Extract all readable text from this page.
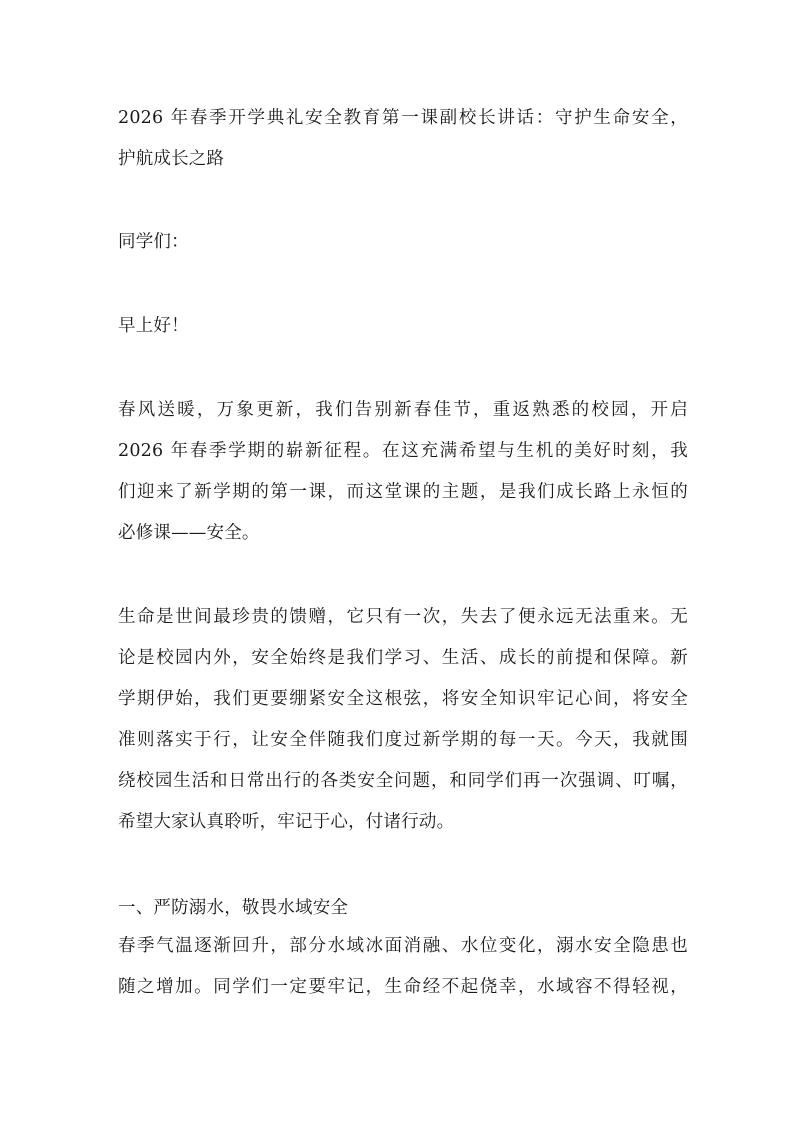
2026 年春季开学典礼安全教育第一课副校长讲话：守护生命安全，
护航成长之路
同学们：
早上好！
春风送暖，万象更新，我们告别新春佳节，重返熟悉的校园，开启
2026 年春季学期的崭新征程。在这充满希望与生机的美好时刻，我
们迎来了新学期的第一课，而这堂课的主题，是我们成长路上永恒的
必修课——安全。
生命是世间最珍贵的馈赠，它只有一次，失去了便永远无法重来。无
论是校园内外，安全始终是我们学习、生活、成长的前提和保障。新
学期伊始，我们更要绷紧安全这根弦，将安全知识牢记心间，将安全
准则落实于行，让安全伴随我们度过新学期的每一天。今天，我就围
绕校园生活和日常出行的各类安全问题，和同学们再一次强调、叮嘱，
希望大家认真聆听，牢记于心，付诸行动。
一、严防溺水，敬畏水域安全
春季气温逐渐回升，部分水域冰面消融、水位变化，溺水安全隐患也
随之增加。同学们一定要牢记，生命经不起侥幸，水域容不得轻视，
